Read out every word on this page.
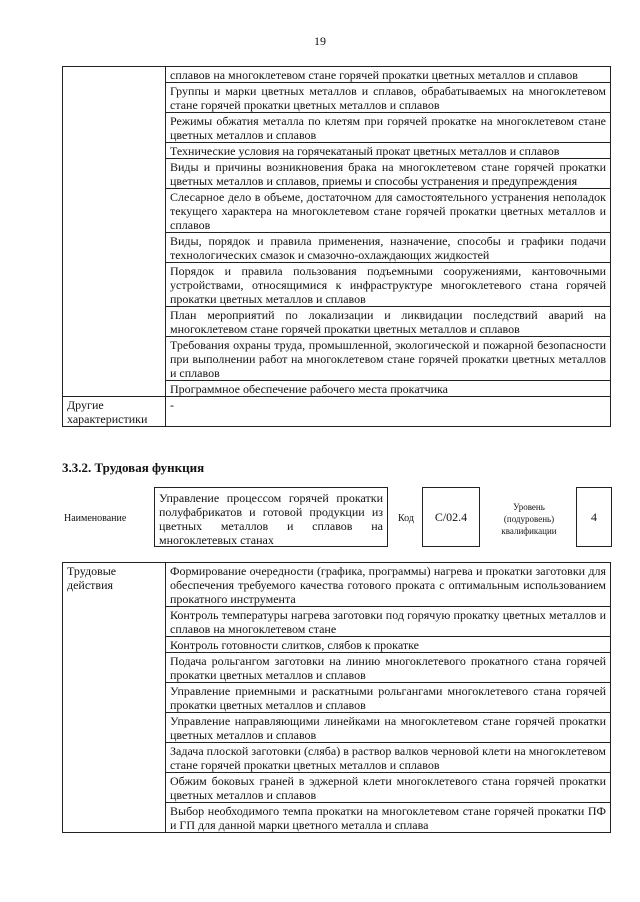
19
	сплавов на многоклетевом стане горячей прокатки цветных металлов и сплавов
	Группы и марки цветных металлов и сплавов, обрабатываемых на многоклетевом стане горячей прокатки цветных металлов и сплавов
	Режимы обжатия металла по клетям при горячей прокатке на многоклетевом стане цветных металлов и сплавов
	Технические условия на горячекатаный прокат цветных металлов и сплавов
	Виды и причины возникновения брака на многоклетевом стане горячей прокатки цветных металлов и сплавов, приемы и способы устранения и предупреждения
	Слесарное дело в объеме, достаточном для самостоятельного устранения неполадок текущего характера на многоклетевом стане горячей прокатки цветных металлов и сплавов
	Виды, порядок и правила применения, назначение, способы и графики подачи технологических смазок и смазочно-охлаждающих жидкостей
	Порядок и правила пользования подъемными сооружениями, кантовочными устройствами, относящимися к инфраструктуре многоклетевого стана горячей прокатки цветных металлов и сплавов
	План мероприятий по локализации и ликвидации последствий аварий на многоклетевом стане горячей прокатки цветных металлов и сплавов
	Требования охраны труда, промышленной, экологической и пожарной безопасности при выполнении работ на многоклетевом стане горячей прокатки цветных металлов и сплавов
	Программное обеспечение рабочего места прокатчика
Другие характеристики	-
3.3.2. Трудовая функция
Наименование
Управление процессом горячей прокатки полуфабрикатов и готовой продукции из цветных металлов и сплавов на многоклетевых станах
Код C/02.4
Уровень
(подуровень)
квалификации
4
Трудовые действия	Формирование очередности (графика, программы) нагрева и прокатки заготовки для обеспечения требуемого качества готового проката с оптимальным использованием прокатного инструмента
Контроль температуры нагрева заготовки под горячую прокатку цветных металлов и сплавов на многоклетевом стане
Контроль готовности слитков, слябов к прокатке
Подача рольгангом заготовки на линию многоклетевого прокатного стана горячей прокатки цветных металлов и сплавов
Управление приемными и раскатными рольгангами многоклетевого стана горячей прокатки цветных металлов и сплавов
Управление направляющими линейками на многоклетевом стане горячей прокатки цветных металлов и сплавов
Задача плоской заготовки (сляба) в раствор валков черновой клети на многоклетевом стане горячей прокатки цветных металлов и сплавов
Обжим боковых граней в эджерной клети многоклетевого стана горячей прокатки цветных металлов и сплавов
Выбор необходимого темпа прокатки на многоклетевом стане горячей прокатки ПФ и ГП для данной марки цветного металла и сплава
